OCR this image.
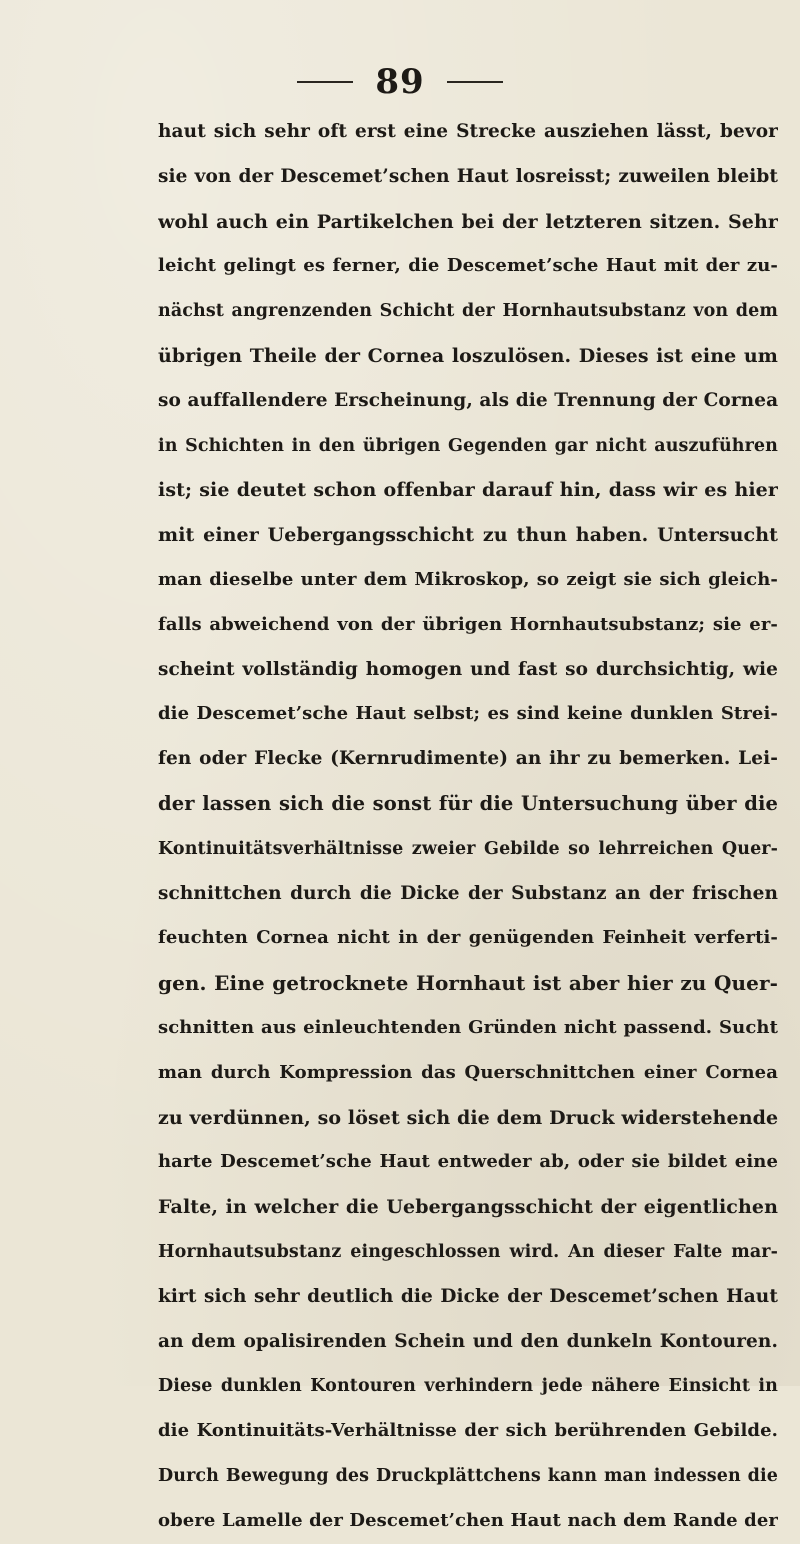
89
haut sich sehr oft erst eine Strecke ausziehen lässt, bevor
sie von der Descemet’schen Haut losreisst; zuweilen bleibt
wohl auch ein Partikelchen bei der letzteren sitzen. Sehr
leicht gelingt es ferner, die Descemet’sche Haut mit der zu-
nächst angrenzenden Schicht der Hornhautsubstanz von dem
übrigen Theile der Cornea loszulösen. Dieses ist eine um
so auffallendere Erscheinung, als die Trennung der Cornea
in Schichten in den übrigen Gegenden gar nicht auszuführen
ist; sie deutet schon offenbar darauf hin, dass wir es hier
mit einer Uebergangsschicht zu thun haben. Untersucht
man dieselbe unter dem Mikroskop, so zeigt sie sich gleich-
falls abweichend von der übrigen Hornhautsubstanz; sie er-
scheint vollständig homogen und fast so durchsichtig, wie
die Descemet’sche Haut selbst; es sind keine dunklen Strei-
fen oder Flecke (Kernrudimente) an ihr zu bemerken. Lei-
der lassen sich die sonst für die Untersuchung über die
Kontinuitätsverhältnisse zweier Gebilde so lehrreichen Quer-
schnittchen durch die Dicke der Substanz an der frischen
feuchten Cornea nicht in der genügenden Feinheit verferti-
gen. Eine getrocknete Hornhaut ist aber hier zu Quer-
schnitten aus einleuchtenden Gründen nicht passend. Sucht
man durch Kompression das Querschnittchen einer Cornea
zu verdünnen, so löset sich die dem Druck widerstehende
harte Descemet’sche Haut entweder ab, oder sie bildet eine
Falte, in welcher die Uebergangsschicht der eigentlichen
Hornhautsubstanz eingeschlossen wird. An dieser Falte mar-
kirt sich sehr deutlich die Dicke der Descemet’schen Haut
an dem opalisirenden Schein und den dunkeln Kontouren.
Diese dunklen Kontouren verhindern jede nähere Einsicht in
die Kontinuitäts-Verhältnisse der sich berührenden Gebilde.
Durch Bewegung des Druckplättchens kann man indessen die
obere Lamelle der Descemet’chen Haut nach dem Rande der
